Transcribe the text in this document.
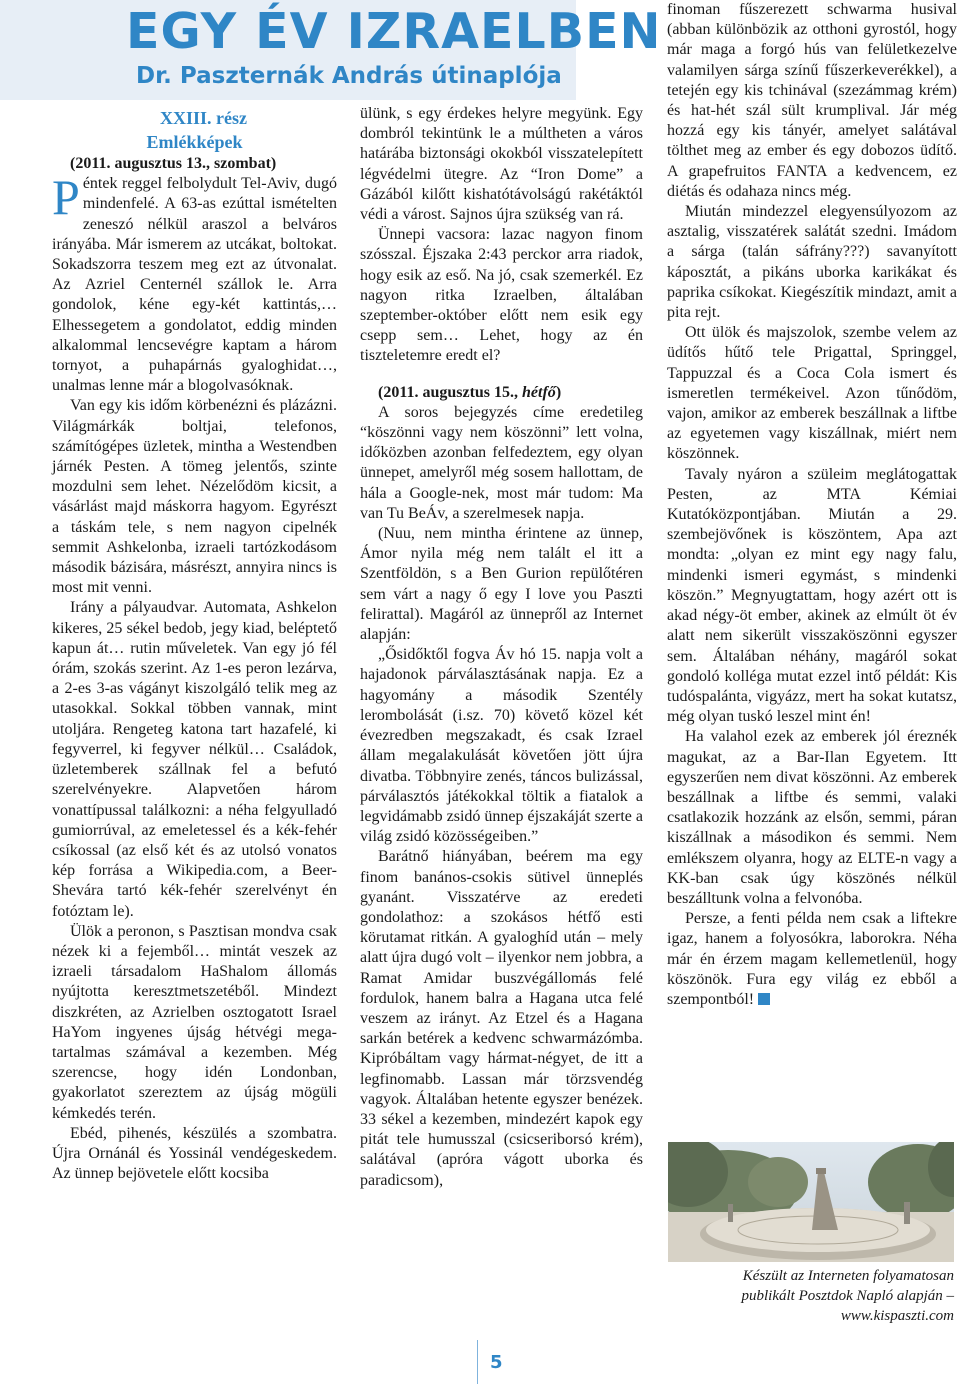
EGY ÉV IZRAELBEN
Dr. Paszternák András útinaplója

XXIII. rész
Emlékképek

(2011. augusztus 13., szombat)

Péntek reggel felbolydult Tel-Aviv, dugó mindenfelé. A 63-as ezúttal ismételten zeneszó nélkül araszol a belváros irányába. Már ismerem az utcákat, boltokat. Sokadszorra teszem meg ezt az útvonalat. Az Azriel Centernél szállok le. Arra gondolok, kéne egy-két kattintás,… Elhessegetem a gondolatot, eddig minden alkalommal lencsevégre kaptam a három tornyot, a puhapárnás gyaloghidat…, unalmas lenne már a blogolvasóknak.

Van egy kis időm körbenézni és plázázni. Világmárkák boltjai, telefonos, számítógépes üzletek, mintha a Westendben járnék Pesten. A tömeg jelentős, szinte mozdulni sem lehet. Nézelődöm kicsit, a vásárlást majd máskorra hagyom. Egyrészt a táskám tele, s nem nagyon cipelnék semmit Ashkelonba, izraeli tartózkodásom második bázisára, másrészt, annyira nincs is most mit venni.

Irány a pályaudvar. Automata, Ashkelon kikeres, 25 sékel bedob, jegy kiad, beléptető kapun át… rutin műveletek. Van egy jó fél órám, szokás szerint. Az 1-es peron lezárva, a 2-es 3-as vágányt kiszolgáló telik meg az utasokkal. Sokkal többen vannak, mint utoljára. Rengeteg katona tart hazafelé, ki fegyverrel, ki fegyver nélkül… Családok, üzletemberek szállnak fel a befutó szerelvényekre. Alapvetően három vonattípussal találkozni: a néha felgyulladó gumiorrúval, az emeletessel és a kék-fehér csíkossal (az első két és az utolsó vonatos kép forrása a Wikipedia.com, a Beer-Shevára tartó kék-fehér szerelvényt én fotóztam le).

Ülök a peronon, s Pasztisan mondva csak nézek ki a fejemből… mintát veszek az izraeli társadalom HaShalom állomás nyújtotta keresztmetszetéből. Mindezt diszkréten, az Azrielben osztogatott Israel HaYom ingyenes újság hétvégi mega-tartalmas számával a kezemben. Még szerencse, hogy idén Londonban, gyakorlatot szereztem az újság mögüli kémkedés terén.

Ebéd, pihenés, készülés a szombatra. Újra Ornánál és Yossinál vendégeskedem. Az ünnep bejövetele előtt kocsiba

ülünk, s egy érdekes helyre megyünk. Egy dombról tekintünk le a múltheten a város határába biztonsági okokból visszatelepített légvédelmi ütegre. Az “Iron Dome” a Gázából kilőtt kishatótávolságú rakétáktól védi a várost. Sajnos újra szükség van rá.

Ünnepi vacsora: lazac nagyon finom szósszal. Éjszaka 2:43 perckor arra riadok, hogy esik az eső. Na jó, csak szemerkél. Ez nagyon ritka Izraelben, általában szeptember-október előtt nem esik egy csepp sem… Lehet, hogy az én tiszteletemre eredt el?

(2011. augusztus 15., hétfő)

A soros bejegyzés címe eredetileg “köszönni vagy nem köszönni” lett volna, időközben azonban felfedeztem, egy olyan ünnepet, amelyről még sosem hallottam, de hála a Google-nek, most már tudom: Ma van Tu BeÁv, a szerelmesek napja.

(Nuu, nem mintha érintene az ünnep, Ámor nyila még nem talált el itt a Szentföldön, s a Ben Gurion repülőtéren sem várt a nagy ő egy I love you Paszti felirattal). Magáról az ünnepről az Internet alapján:

„Ősidőktől fogva Áv hó 15. napja volt a hajadonok párválasztásának napja. Ez a hagyomány a második Szentély lerombolását (i.sz. 70) követő közel két évezredben megszakadt, és csak Izrael állam megalakulását követően jött újra divatba. Többnyire zenés, táncos bulizással, párválasztós játékokkal töltik a fiatalok a legvidámabb zsidó ünnep éjszakáját szerte a világ zsidó közösségeiben.”

Barátnő hiányában, beérem ma egy finom banános-csokis sütivel ünneplés gyanánt. Visszatérve az eredeti gondolathoz: a szokásos hétfő esti körutamat ritkán. A gyaloghíd után – mely alatt újra dugó volt – ilyenkor nem jobbra, a Ramat Amidar buszvégállomás felé fordulok, hanem balra a Hagana utca felé veszem az irányt. Az Etzel és a Hagana sarkán betérek a kedvenc schwarmázómba. Kipróbáltam vagy hármat-négyet, de itt a legfinomabb. Lassan már törzsvendég vagyok. Általában hetente egyszer benézek. 33 sékel a kezemben, mindezért kapok egy pitát tele humusszal (csicseriborsó krém), salátával (apróra vágott uborka és paradicsom),

finoman fűszerezett schwarma husival (abban különbözik az otthoni gyrostól, hogy már maga a forgó hús van felületkezelve valamilyen sárga színű fűszerkeverékkel), a tetején egy kis tchinával (szezámmag krém) és hat-hét szál sült krumplival. Jár még hozzá egy kis tányér, amelyet salátával tölthet meg az ember és egy dobozos üdítő. A grapefruitos FANTA a kedvencem, ez diétás és odahaza nincs még.

Miután mindezzel elegyensúlyozom az asztalig, visszatérek salátát szedni. Imádom a sárga (talán sáfrány???) savanyított káposztát, a pikáns uborka karikákat és paprika csíkokat. Kiegészítik mindazt, amit a pita rejt.

Ott ülök és majszolok, szembe velem az üdítős hűtő tele Prigattal, Springgel, Tappuzzal és a Coca Cola ismert és ismeretlen termékeivel. Azon tűnődöm, vajon, amikor az emberek beszállnak a liftbe az egyetemen vagy kiszállnak, miért nem köszönnek.

Tavaly nyáron a szüleim meglátogattak Pesten, az MTA Kémiai Kutatóközpontjában. Miután a 29. szembejövőnek is köszöntem, Apa azt mondta: „olyan ez mint egy nagy falu, mindenki ismeri egymást, s mindenki köszön.” Megnyugtattam, hogy azért ott is akad négy-öt ember, akinek az elmúlt öt év alatt nem sikerült visszaköszönni egyszer sem. Általában néhány, magáról sokat gondoló kolléga mutat ezzel intő példát: Kis tudóspalánta, vigyázz, mert ha sokat kutatsz, még olyan tuskó leszel mint én!

Ha valahol ezek az emberek jól éreznék magukat, az a Bar-Ilan Egyetem. Itt egyszerűen nem divat köszönni. Az emberek beszállnak a liftbe és semmi, valaki csatlakozik hozzánk az elsőn, semmi, páran kiszállnak a másodikon és semmi. Nem emlékszem olyanra, hogy az ELTE-n vagy a KK-ban csak úgy köszönés nélkül beszálltunk volna a felvonóba.

Persze, a fenti példa nem csak a liftekre igaz, hanem a folyosókra, laborokra. Néha már én érzem magam kellemetlenül, hogy köszönök. Fura egy világ ez ebből a szempontból!

Készült az Interneten folyamatosan
publikált Posztdok Napló alapján –
www.kispaszti.com
5
